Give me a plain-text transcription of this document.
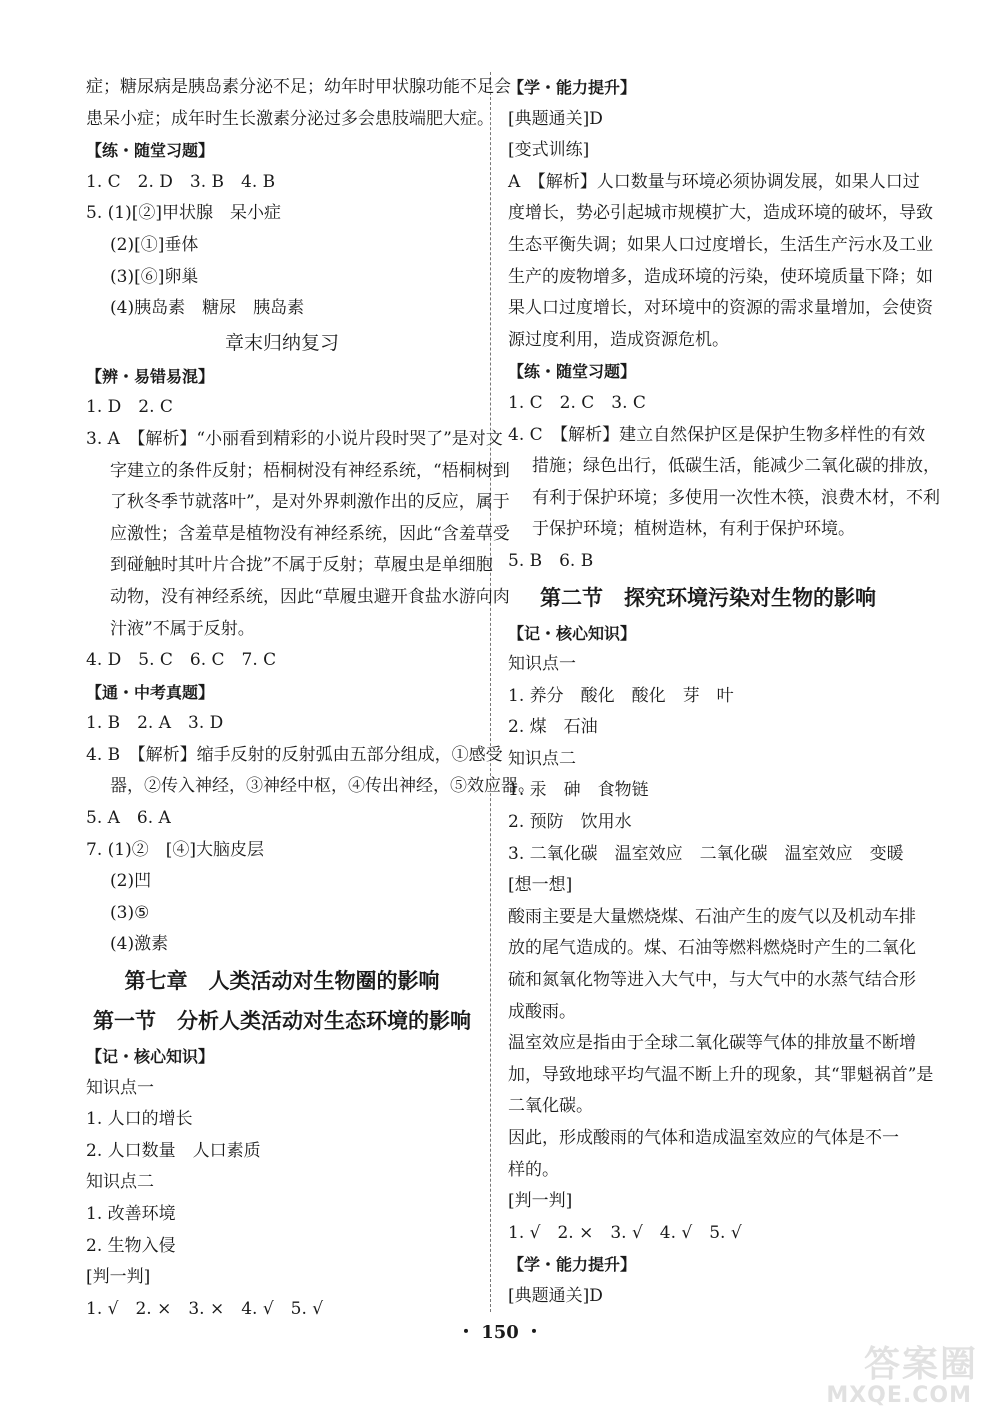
症；糖尿病是胰岛素分泌不足；幼年时甲状腺功能不足会
患呆小症；成年时生长激素分泌过多会患肢端肥大症。
【练・随堂习题】
1. C　2. D　3. B　4. B
5. (1)[②]甲状腺　呆小症
(2)[①]垂体
(3)[⑥]卵巢
(4)胰岛素　糖尿　胰岛素
章末归纳复习
【辨・易错易混】
1. D　2. C
3. A　【解析】“小丽看到精彩的小说片段时哭了”是对文
字建立的条件反射；梧桐树没有神经系统，“梧桐树到
了秋冬季节就落叶”，是对外界刺激作出的反应，属于
应激性；含羞草是植物没有神经系统，因此“含羞草受
到碰触时其叶片合拢”不属于反射；草履虫是单细胞
动物，没有神经系统，因此“草履虫避开食盐水游向肉
汁液”不属于反射。
4. D　5. C　6. C　7. C
【通・中考真题】
1. B　2. A　3. D
4. B　【解析】缩手反射的反射弧由五部分组成，①感受
器，②传入神经，③神经中枢，④传出神经，⑤效应器。
5. A　6. A
7. (1)②　[④]大脑皮层
(2)凹
(3)⑤
(4)激素
第七章　人类活动对生物圈的影响
第一节　分析人类活动对生态环境的影响
【记・核心知识】
知识点一
1. 人口的增长
2. 人口数量　人口素质
知识点二
1. 改善环境
2. 生物入侵
[判一判]
1. √　2. ×　3. ×　4. √　5. √
【学・能力提升】
[典题通关]D
[变式训练]
A　【解析】人口数量与环境必须协调发展，如果人口过
度增长，势必引起城市规模扩大，造成环境的破坏，导致
生态平衡失调；如果人口过度增长，生活生产污水及工业
生产的废物增多，造成环境的污染，使环境质量下降；如
果人口过度增长，对环境中的资源的需求量增加，会使资
源过度利用，造成资源危机。
【练・随堂习题】
1. C　2. C　3. C
4. C　【解析】建立自然保护区是保护生物多样性的有效
措施；绿色出行，低碳生活，能减少二氧化碳的排放，
有利于保护环境；多使用一次性木筷，浪费木材，不利
于保护环境；植树造林，有利于保护环境。
5. B　6. B
第二节　探究环境污染对生物的影响
【记・核心知识】
知识点一
1. 养分　酸化　酸化　芽　叶
2. 煤　石油
知识点二
1. 汞　砷　食物链
2. 预防　饮用水
3. 二氧化碳　温室效应　二氧化碳　温室效应　变暖
[想一想]
酸雨主要是大量燃烧煤、石油产生的废气以及机动车排
放的尾气造成的。煤、石油等燃料燃烧时产生的二氧化
硫和氮氧化物等进入大气中，与大气中的水蒸气结合形
成酸雨。
温室效应是指由于全球二氧化碳等气体的排放量不断增
加，导致地球平均气温不断上升的现象，其“罪魁祸首”是
二氧化碳。
因此，形成酸雨的气体和造成温室效应的气体是不一
样的。
[判一判]
1. √　2. ×　3. √　4. √　5. √
【学・能力提升】
[典题通关]D
・ 150 ・
答案圈
MXQE.COM
